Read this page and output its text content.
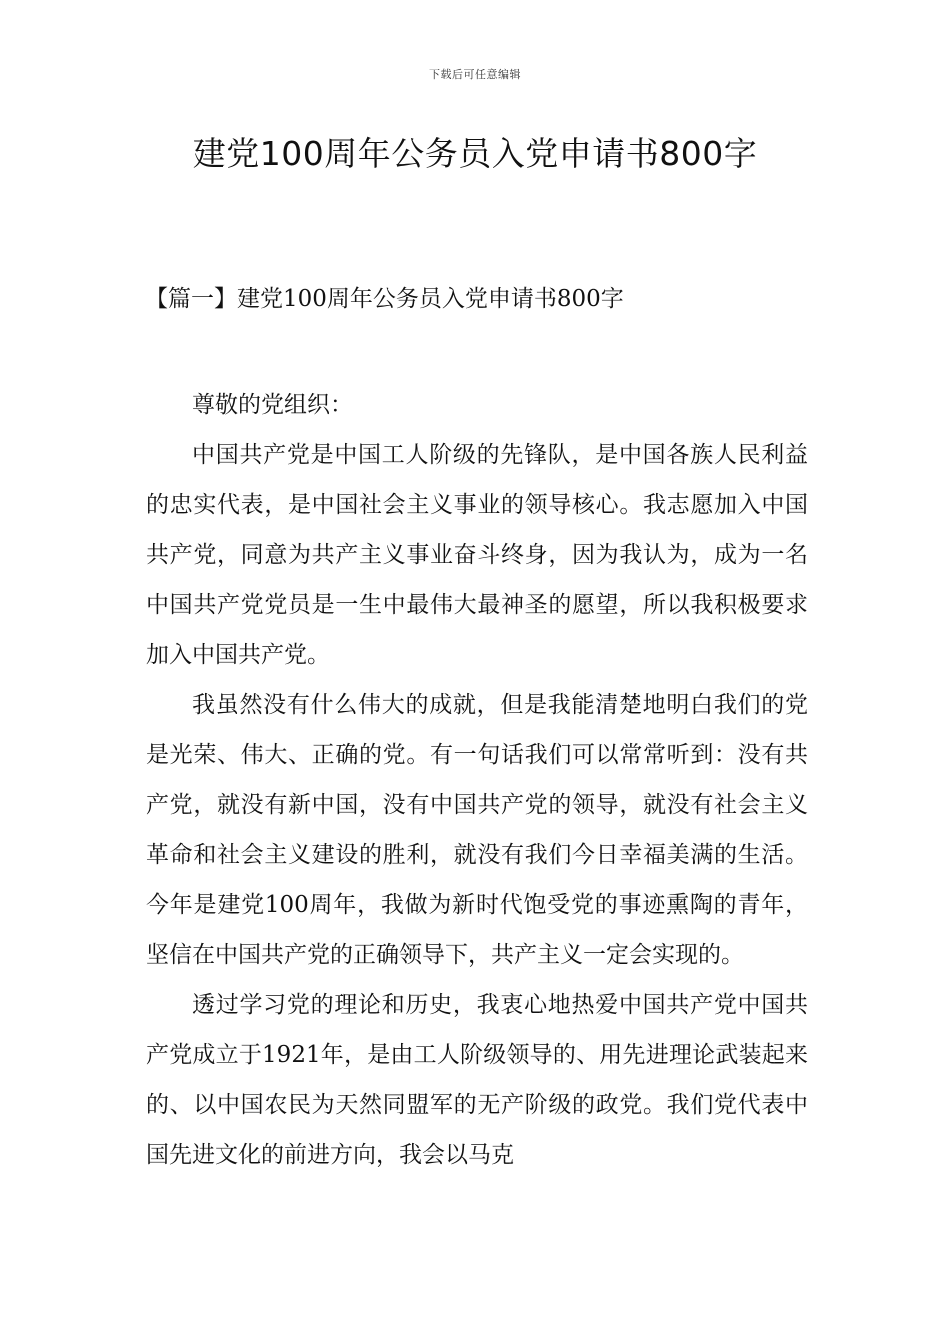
下载后可任意编辑
建党100周年公务员入党申请书800字
【篇一】建党100周年公务员入党申请书800字

尊敬的党组织：

中国共产党是中国工人阶级的先锋队，是中国各族人民利益的忠实代表，是中国社会主义事业的领导核心。我志愿加入中国共产党，同意为共产主义事业奋斗终身，因为我认为，成为一名中国共产党党员是一生中最伟大最神圣的愿望，所以我积极要求加入中国共产党。

我虽然没有什么伟大的成就，但是我能清楚地明白我们的党是光荣、伟大、正确的党。有一句话我们可以常常听到：没有共产党，就没有新中国，没有中国共产党的领导，就没有社会主义革命和社会主义建设的胜利，就没有我们今日幸福美满的生活。今年是建党100周年，我做为新时代饱受党的事迹熏陶的青年，坚信在中国共产党的正确领导下，共产主义一定会实现的。

透过学习党的理论和历史，我衷心地热爱中国共产党中国共产党成立于1921年，是由工人阶级领导的、用先进理论武装起来的、以中国农民为天然同盟军的无产阶级的政党。我们党代表中国先进文化的前进方向，我会以马克
